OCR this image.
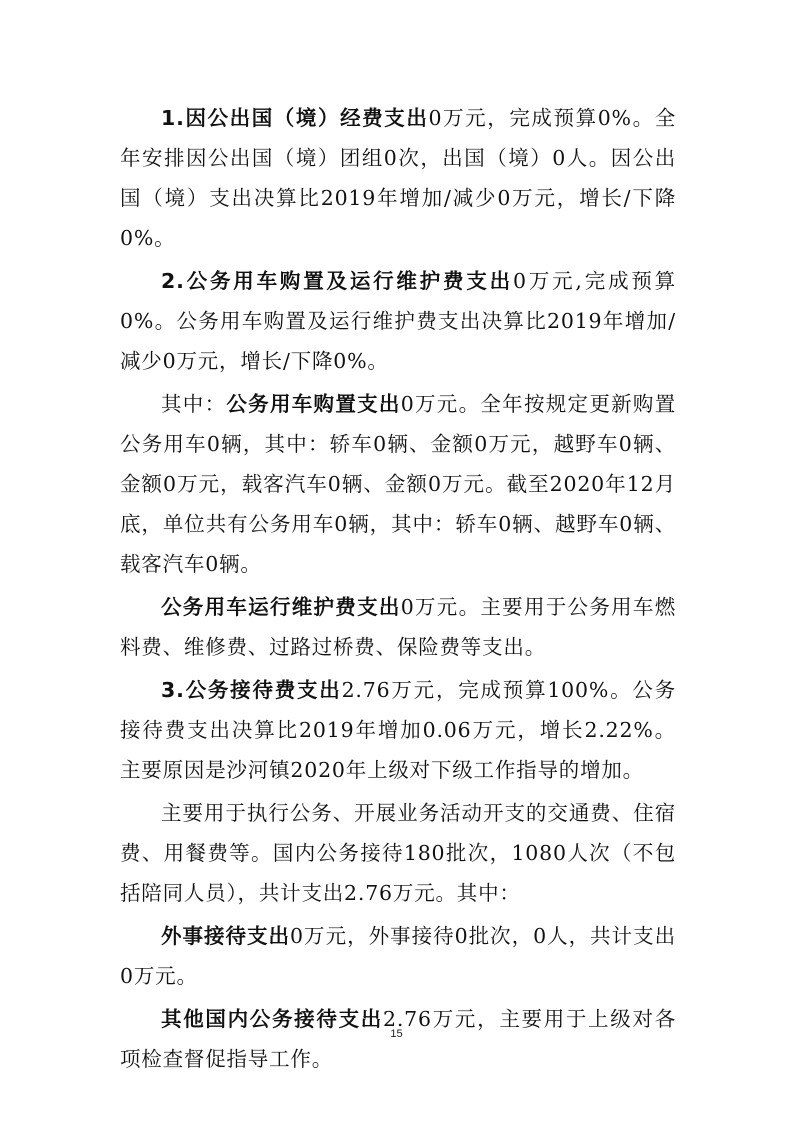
1.因公出国（境）经费支出0万元，完成预算0%。全年安排因公出国（境）团组0次，出国（境）0人。因公出国（境）支出决算比2019年增加/减少0万元，增长/下降0%。

2.公务用车购置及运行维护费支出0万元,完成预算0%。公务用车购置及运行维护费支出决算比2019年增加/减少0万元，增长/下降0%。

其中：公务用车购置支出0万元。全年按规定更新购置公务用车0辆，其中：轿车0辆、金额0万元，越野车0辆、金额0万元，载客汽车0辆、金额0万元。截至2020年12月底，单位共有公务用车0辆，其中：轿车0辆、越野车0辆、载客汽车0辆。

公务用车运行维护费支出0万元。主要用于公务用车燃料费、维修费、过路过桥费、保险费等支出。

3.公务接待费支出2.76万元，完成预算100%。公务接待费支出决算比2019年增加0.06万元，增长2.22%。主要原因是沙河镇2020年上级对下级工作指导的增加。

主要用于执行公务、开展业务活动开支的交通费、住宿费、用餐费等。国内公务接待180批次，1080人次（不包括陪同人员），共计支出2.76万元。其中：

外事接待支出0万元，外事接待0批次，0人，共计支出0万元。

其他国内公务接待支出2.76万元，主要用于上级对各项检查督促指导工作。

15
